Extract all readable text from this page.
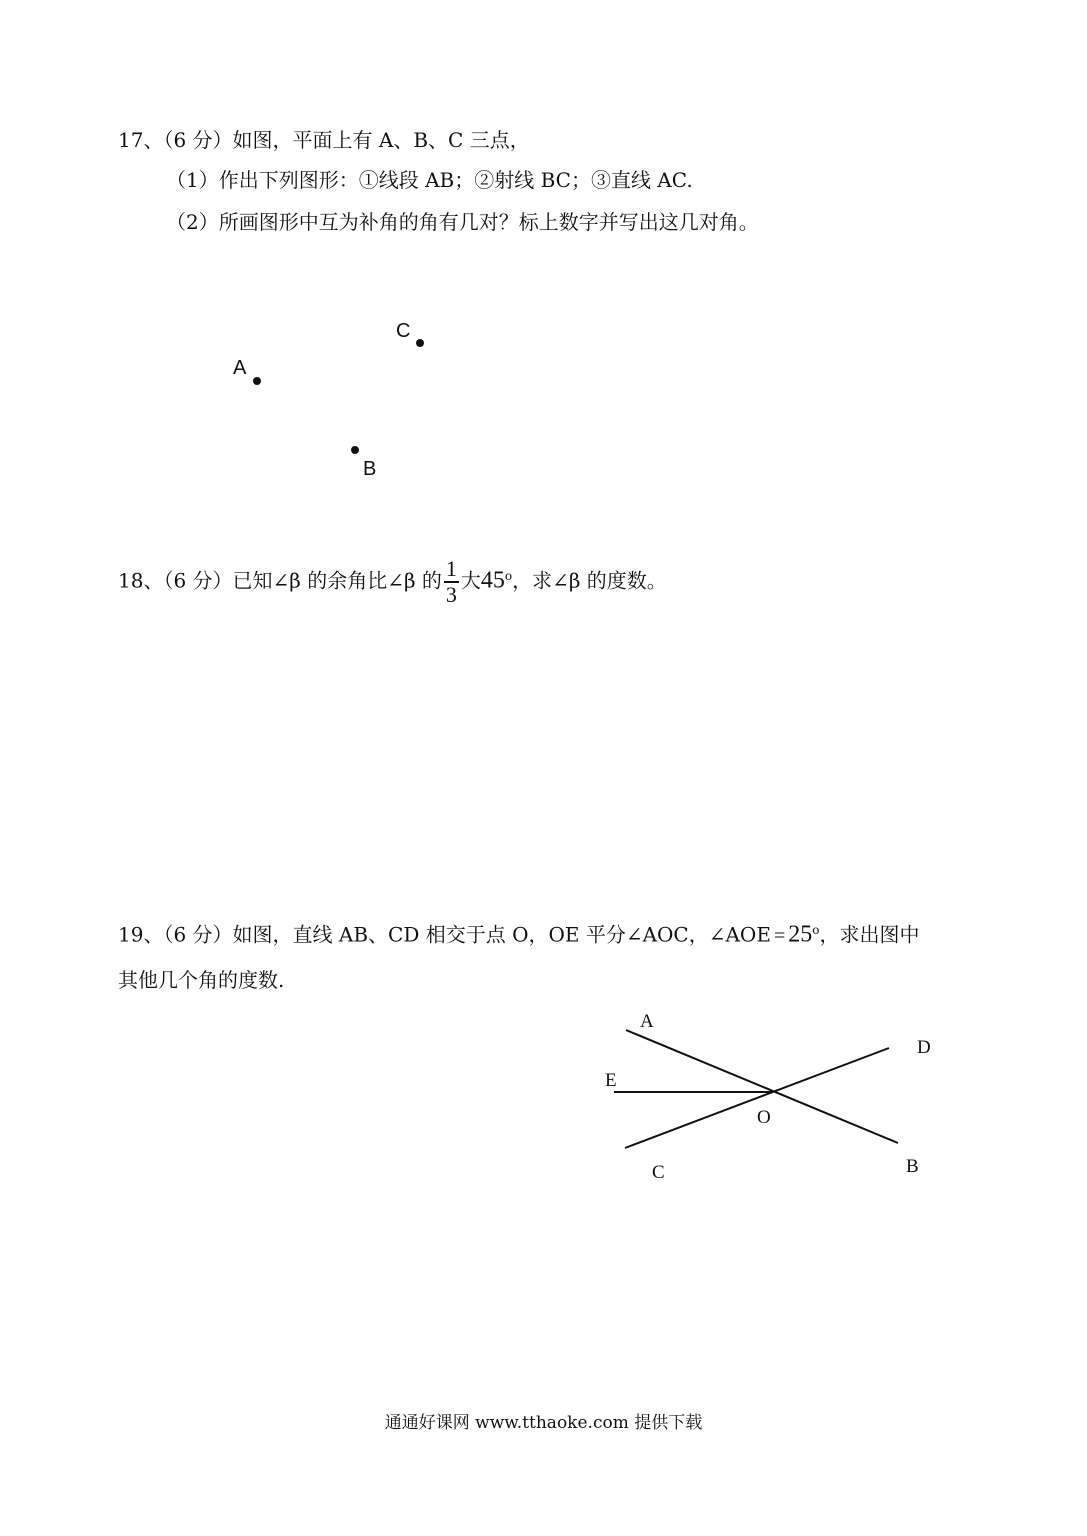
17、（6 分）如图，平面上有 A、B、C 三点，
（1）作出下列图形：①线段 AB；②射线 BC；③直线 AC.
（2）所画图形中互为补角的角有几对？标上数字并写出这几对角。
C
A
B
18、（6 分）已知∠β 的余角比∠β 的 $\frac{1}{3}$ 大45$^o$，求∠β 的度数。
19、（6 分）如图，直线 AB、CD 相交于点 O，OE 平分∠AOC，∠AOE = $25^o$，求出图中
其他几个角的度数.
A
D
E
O
C	B
通通好课网 www.tthaoke.com 提供下载
